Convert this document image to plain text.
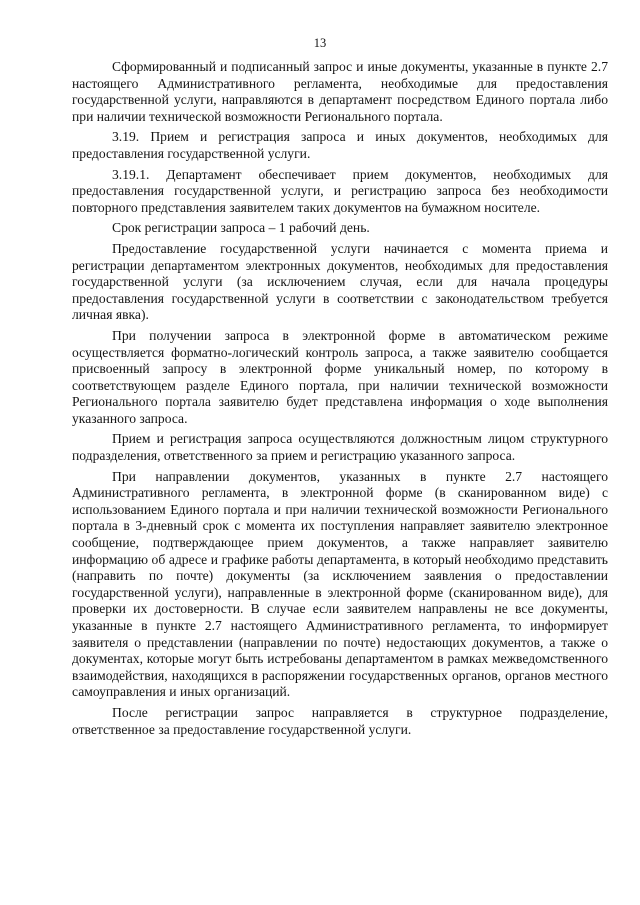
13

Сформированный и подписанный запрос и иные документы, указанные в пункте 2.7 настоящего Административного регламента, необходимые для предоставления государственной услуги, направляются в департамент посредством Единого портала либо при наличии технической возможности Регионального портала.

3.19. Прием и регистрация запроса и иных документов, необходимых для предоставления государственной услуги.

3.19.1. Департамент обеспечивает прием документов, необходимых для предоставления государственной услуги, и регистрацию запроса без необходимости повторного представления заявителем таких документов на бумажном носителе.

Срок регистрации запроса – 1 рабочий день.

Предоставление государственной услуги начинается с момента приема и регистрации департаментом электронных документов, необходимых для предоставления государственной услуги (за исключением случая, если для начала процедуры предоставления государственной услуги в соответствии с законодательством требуется личная явка).

При получении запроса в электронной форме в автоматическом режиме осуществляется форматно-логический контроль запроса, а также заявителю сообщается присвоенный запросу в электронной форме уникальный номер, по которому в соответствующем разделе Единого портала, при наличии технической возможности Регионального портала заявителю будет представлена информация о ходе выполнения указанного запроса.

Прием и регистрация запроса осуществляются должностным лицом структурного подразделения, ответственного за прием и регистрацию указанного запроса.

При направлении документов, указанных в пункте 2.7 настоящего Административного регламента, в электронной форме (в сканированном виде) с использованием Единого портала и при наличии технической возможности Регионального портала в 3-дневный срок с момента их поступления направляет заявителю электронное сообщение, подтверждающее прием документов, а также направляет заявителю информацию об адресе и графике работы департамента, в который необходимо представить (направить по почте) документы (за исключением заявления о предоставлении государственной услуги), направленные в электронной форме (сканированном виде), для проверки их достоверности. В случае если заявителем направлены не все документы, указанные в пункте 2.7 настоящего Административного регламента, то информирует заявителя о представлении (направлении по почте) недостающих документов, а также о документах, которые могут быть истребованы департаментом в рамках межведомственного взаимодействия, находящихся в распоряжении государственных органов, органов местного самоуправления и иных организаций.

После регистрации запрос направляется в структурное подразделение, ответственное за предоставление государственной услуги.
